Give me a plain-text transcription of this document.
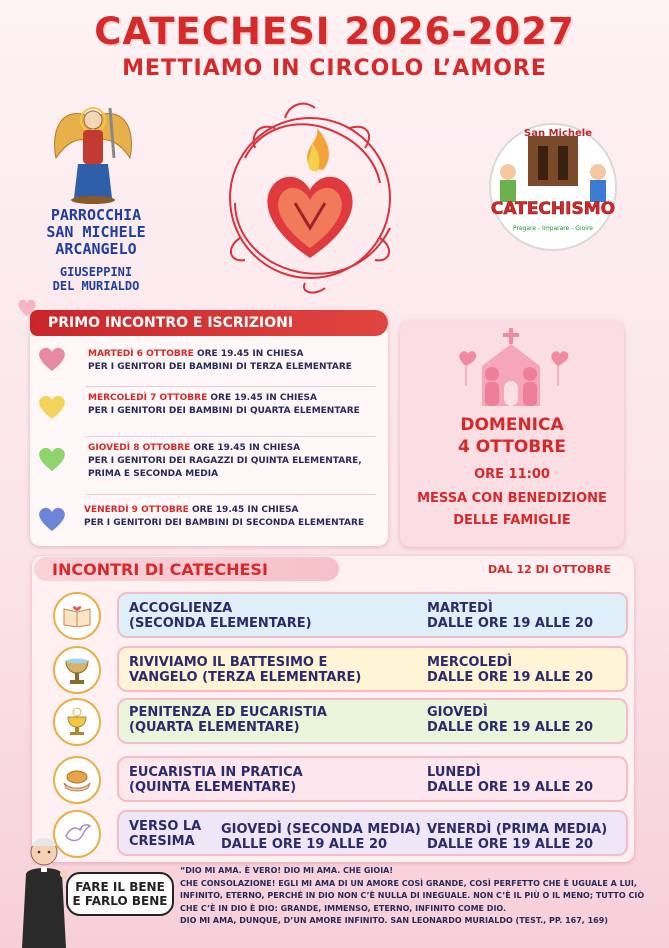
CATECHESI 2026-2027
METTIAMO IN CIRCOLO L’AMORE
PARROCCHIA
SAN MICHELE
ARCANGELO
GIUSEPPINI
DEL MURIALDO
San Michele
CATECHISMO
Pregare - Imparare - Gioire
PRIMO INCONTRO E ISCRIZIONI
MARTEDÌ 6 OTTOBRE ORE 19.45 IN CHIESA
PER I GENITORI DEI BAMBINI DI TERZA ELEMENTARE
MERCOLEDÌ 7 OTTOBRE ORE 19.45 IN CHIESA
PER I GENITORI DEI BAMBINI DI QUARTA ELEMENTARE
GIOVEDÌ 8 OTTOBRE ORE 19.45 IN CHIESA
PER I GENITORI DEI RAGAZZI DI QUINTA ELEMENTARE,
PRIMA E SECONDA MEDIA
VENERDÌ 9 OTTOBRE ORE 19.45 IN CHIESA
PER I GENITORI DEI BAMBINI DI SECONDA ELEMENTARE
DOMENICA
4 OTTOBRE
ORE 11:00
MESSA CON BENEDIZIONE
DELLE FAMIGLIE
INCONTRI DI CATECHESI	DAL 12 DI OTTOBRE
ACCOGLIENZA
(SECONDA ELEMENTARE)
MARTEDÌ
DALLE ORE 19 ALLE 20
RIVIVIAMO IL BATTESIMO E
VANGELO (TERZA ELEMENTARE)
MERCOLEDÌ
DALLE ORE 19 ALLE 20
PENITENZA ED EUCARISTIA
(QUARTA ELEMENTARE)
GIOVEDÌ
DALLE ORE 19 ALLE 20
EUCARISTIA IN PRATICA
(QUINTA ELEMENTARE)
LUNEDÌ
DALLE ORE 19 ALLE 20
VERSO LA
CRESIMA
GIOVEDÌ (SECONDA MEDIA)
DALLE ORE 19 ALLE 20
VENERDÌ (PRIMA MEDIA)
DALLE ORE 19 ALLE 20
FARE IL BENE
E FARLO BENE
“DIO MI AMA. È VERO! DIO MI AMA. CHE GIOIA!
CHE CONSOLAZIONE! EGLI MI AMA DI UN AMORE COSÌ GRANDE, COSÌ PERFETTO CHE È UGUALE A LUI,
INFINITO, ETERNO, PERCHÉ IN DIO NON C’È NULLA DI INEGUALE. NON C’È IL PIÙ O IL MENO; TUTTO CIÒ
CHE C’È IN DIO È DIO: GRANDE, IMMENSO, ETERNO, INFINITO COME DIO.
DIO MI AMA, DUNQUE, D’UN AMORE INFINITO. SAN LEONARDO MURIALDO (TEST., PP. 167, 169)
